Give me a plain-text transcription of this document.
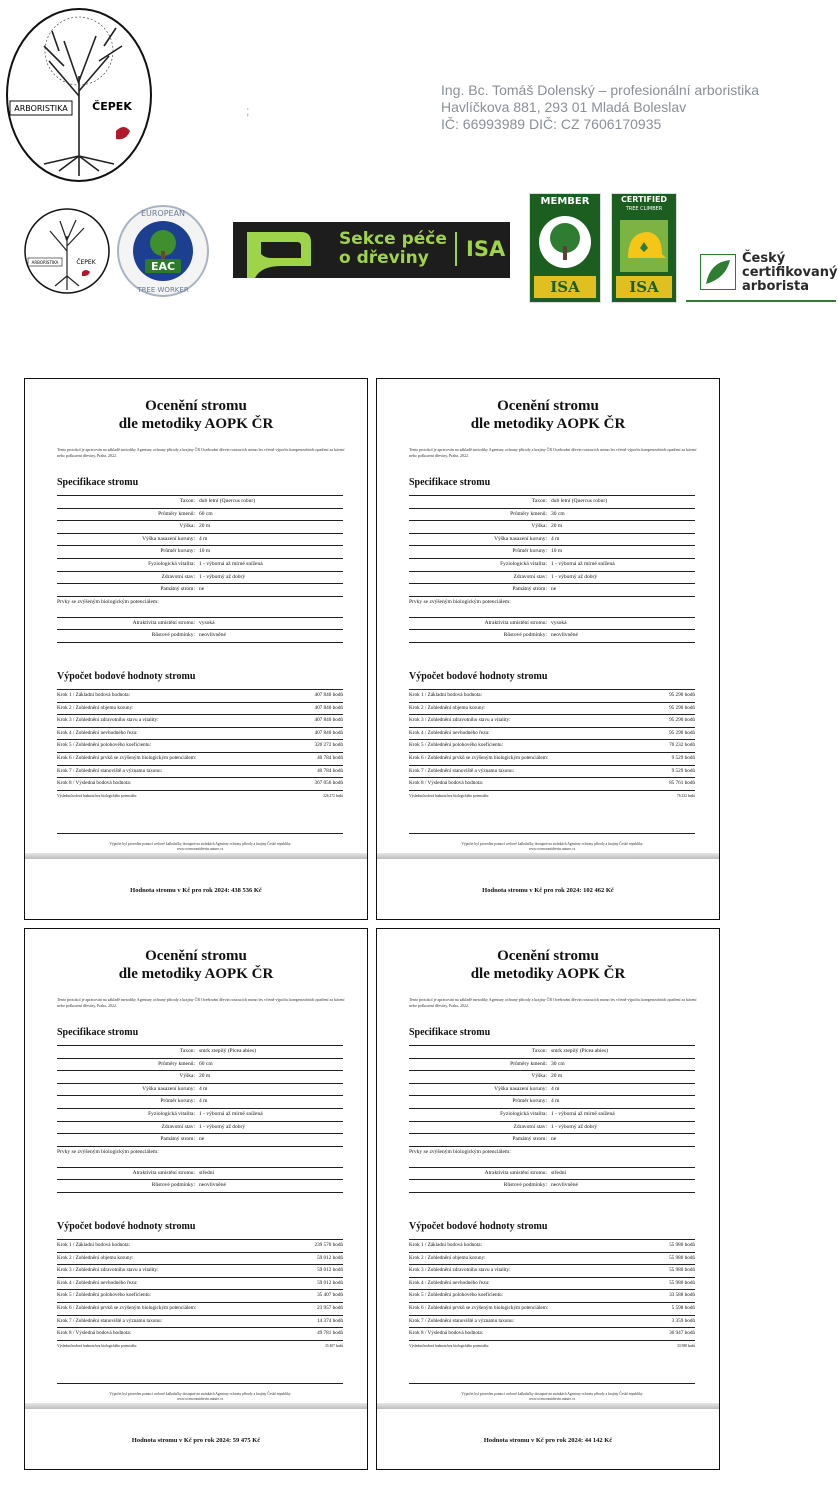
ARBORISTIKA ČEPEK	;
Ing. Bc. Tomáš Dolenský – profesionální arboristika
Havlíčkova 881, 293 01 Mladá Boleslav
IČ: 66993989 DIČ: CZ 7606170935
ARBORISTIKA	ČEPEK	EAC
EUROPEAN
TREE WORKER
Sekce péče
o dřeviny	ISA
MEMBER
ISA
CERTIFIED
TREE CLIMBER
ISA
Český
certifikovaný
arborista
Ocenění stromu
dle metodiky AOPK ČR
Tento protokol je zpracován na základě metodiky Agentury ochrany přírody a krajiny ČR Oceňování dřevin rostoucích mimo les včetně výpočtu kompenzačních opatření za kácení nebo poškození dřeviny, Praha, 2022.
Specifikace stromu
Taxon: dub letní (Quercus robur)
Průměry kmenů: 60 cm
Výška: 20 m
Výška nasazení koruny: 4 m
Průměr koruny: 10 m
Fyziologická vitalita: 1 - výborná až mírně snížená
Zdravotní stav: 1 - výborný až dobrý
Památný strom: ne
Prvky se zvýšeným biologickým potenciálem:
Atraktivita umístění stromu: vysoká
Růstové podmínky: neovlivněné
Výpočet bodové hodnoty stromu
Krok 1 / Základní bodová hodnota:	407 840 bodů
Krok 2 / Zohlednění objemu koruny:	407 840 bodů
Krok 3 / Zohlednění zdravotního stavu a vitality:	407 840 bodů
Krok 4 / Zohlednění nevhodného řezu:	407 840 bodů
Krok 5 / Zohlednění polohového koeficientu:	326 272 bodů
Krok 6 / Zohlednění prvků se zvýšeným biologickým potenciálem:	40 784 bodů
Krok 7 / Zohlednění stanoviště a významu taxonu:	40 784 bodů
Krok 8 / Výsledná bodová hodnota:	367 056 bodů
Výsledná bodová hodnota bez biologického potenciálu:	326 272 bodů
Výpočet byl proveden pomocí webové kalkulačky dostupné na stránkách Agentury ochrany přírody a krajiny České republiky
www.ocenovanidrevin.nature.cz
Hodnota stromu v Kč pro rok 2024: 438 536 Kč
Ocenění stromu
dle metodiky AOPK ČR
Tento protokol je zpracován na základě metodiky Agentury ochrany přírody a krajiny ČR Oceňování dřevin rostoucích mimo les včetně výpočtu kompenzačních opatření za kácení nebo poškození dřeviny, Praha, 2022.
Specifikace stromu
Taxon: dub letní (Quercus robur)
Průměry kmenů: 30 cm
Výška: 20 m
Výška nasazení koruny: 4 m
Průměr koruny: 10 m
Fyziologická vitalita: 1 - výborná až mírně snížená
Zdravotní stav: 1 - výborný až dobrý
Památný strom: ne
Prvky se zvýšeným biologickým potenciálem:
Atraktivita umístění stromu: vysoká
Růstové podmínky: neovlivněné
Výpočet bodové hodnoty stromu
Krok 1 / Základní bodová hodnota:	95 290 bodů
Krok 2 / Zohlednění objemu koruny:	95 290 bodů
Krok 3 / Zohlednění zdravotního stavu a vitality:	95 290 bodů
Krok 4 / Zohlednění nevhodného řezu:	95 290 bodů
Krok 5 / Zohlednění polohového koeficientu:	76 232 bodů
Krok 6 / Zohlednění prvků se zvýšeným biologickým potenciálem:	9 529 bodů
Krok 7 / Zohlednění stanoviště a významu taxonu:	9 529 bodů
Krok 8 / Výsledná bodová hodnota:	85 761 bodů
Výsledná bodová hodnota bez biologického potenciálu:	76 232 bodů
Výpočet byl proveden pomocí webové kalkulačky dostupné na stránkách Agentury ochrany přírody a krajiny České republiky
www.ocenovanidrevin.nature.cz
Hodnota stromu v Kč pro rok 2024: 102 462 Kč
Ocenění stromu
dle metodiky AOPK ČR
Tento protokol je zpracován na základě metodiky Agentury ochrany přírody a krajiny ČR Oceňování dřevin rostoucích mimo les včetně výpočtu kompenzačních opatření za kácení nebo poškození dřeviny, Praha, 2022.
Specifikace stromu
Taxon: smrk ztepilý (Picea abies)
Průměry kmenů: 60 cm
Výška: 20 m
Výška nasazení koruny: 4 m
Průměr koruny: 4 m
Fyziologická vitalita: 1 - výborná až mírně snížená
Zdravotní stav: 1 - výborný až dobrý
Památný strom: ne
Prvky se zvýšeným biologickým potenciálem:
Atraktivita umístění stromu: střední
Růstové podmínky: neovlivněné
Výpočet bodové hodnoty stromu
Krok 1 / Základní bodová hodnota:	239 570 bodů
Krok 2 / Zohlednění objemu koruny:	59 012 bodů
Krok 3 / Zohlednění zdravotního stavu a vitality:	59 012 bodů
Krok 4 / Zohlednění nevhodného řezu:	59 012 bodů
Krok 5 / Zohlednění polohového koeficientu:	35 407 bodů
Krok 6 / Zohlednění prvků se zvýšeným biologickým potenciálem:	23 957 bodů
Krok 7 / Zohlednění stanoviště a významu taxonu:	14 374 bodů
Krok 8 / Výsledná bodová hodnota:	49 781 bodů
Výsledná bodová hodnota bez biologického potenciálu:	35 407 bodů
Výpočet byl proveden pomocí webové kalkulačky dostupné na stránkách Agentury ochrany přírody a krajiny České republiky
www.ocenovanidrevin.nature.cz
Hodnota stromu v Kč pro rok 2024: 59 475 Kč
Ocenění stromu
dle metodiky AOPK ČR
Tento protokol je zpracován na základě metodiky Agentury ochrany přírody a krajiny ČR Oceňování dřevin rostoucích mimo les včetně výpočtu kompenzačních opatření za kácení nebo poškození dřeviny, Praha, 2022.
Specifikace stromu
Taxon: smrk ztepilý (Picea abies)
Průměry kmenů: 30 cm
Výška: 20 m
Výška nasazení koruny: 4 m
Průměr koruny: 4 m
Fyziologická vitalita: 1 - výborná až mírně snížená
Zdravotní stav: 1 - výborný až dobrý
Památný strom: ne
Prvky se zvýšeným biologickým potenciálem:
Atraktivita umístění stromu: střední
Růstové podmínky: neovlivněné
Výpočet bodové hodnoty stromu
Krok 1 / Základní bodová hodnota:	55 980 bodů
Krok 2 / Zohlednění objemu koruny:	55 980 bodů
Krok 3 / Zohlednění zdravotního stavu a vitality:	55 980 bodů
Krok 4 / Zohlednění nevhodného řezu:	55 980 bodů
Krok 5 / Zohlednění polohového koeficientu:	33 588 bodů
Krok 6 / Zohlednění prvků se zvýšeným biologickým potenciálem:	5 598 bodů
Krok 7 / Zohlednění stanoviště a významu taxonu:	3 359 bodů
Krok 8 / Výsledná bodová hodnota:	36 947 bodů
Výsledná bodová hodnota bez biologického potenciálu:	33 588 bodů
Výpočet byl proveden pomocí webové kalkulačky dostupné na stránkách Agentury ochrany přírody a krajiny České republiky
www.ocenovanidrevin.nature.cz
Hodnota stromu v Kč pro rok 2024: 44 142 Kč
